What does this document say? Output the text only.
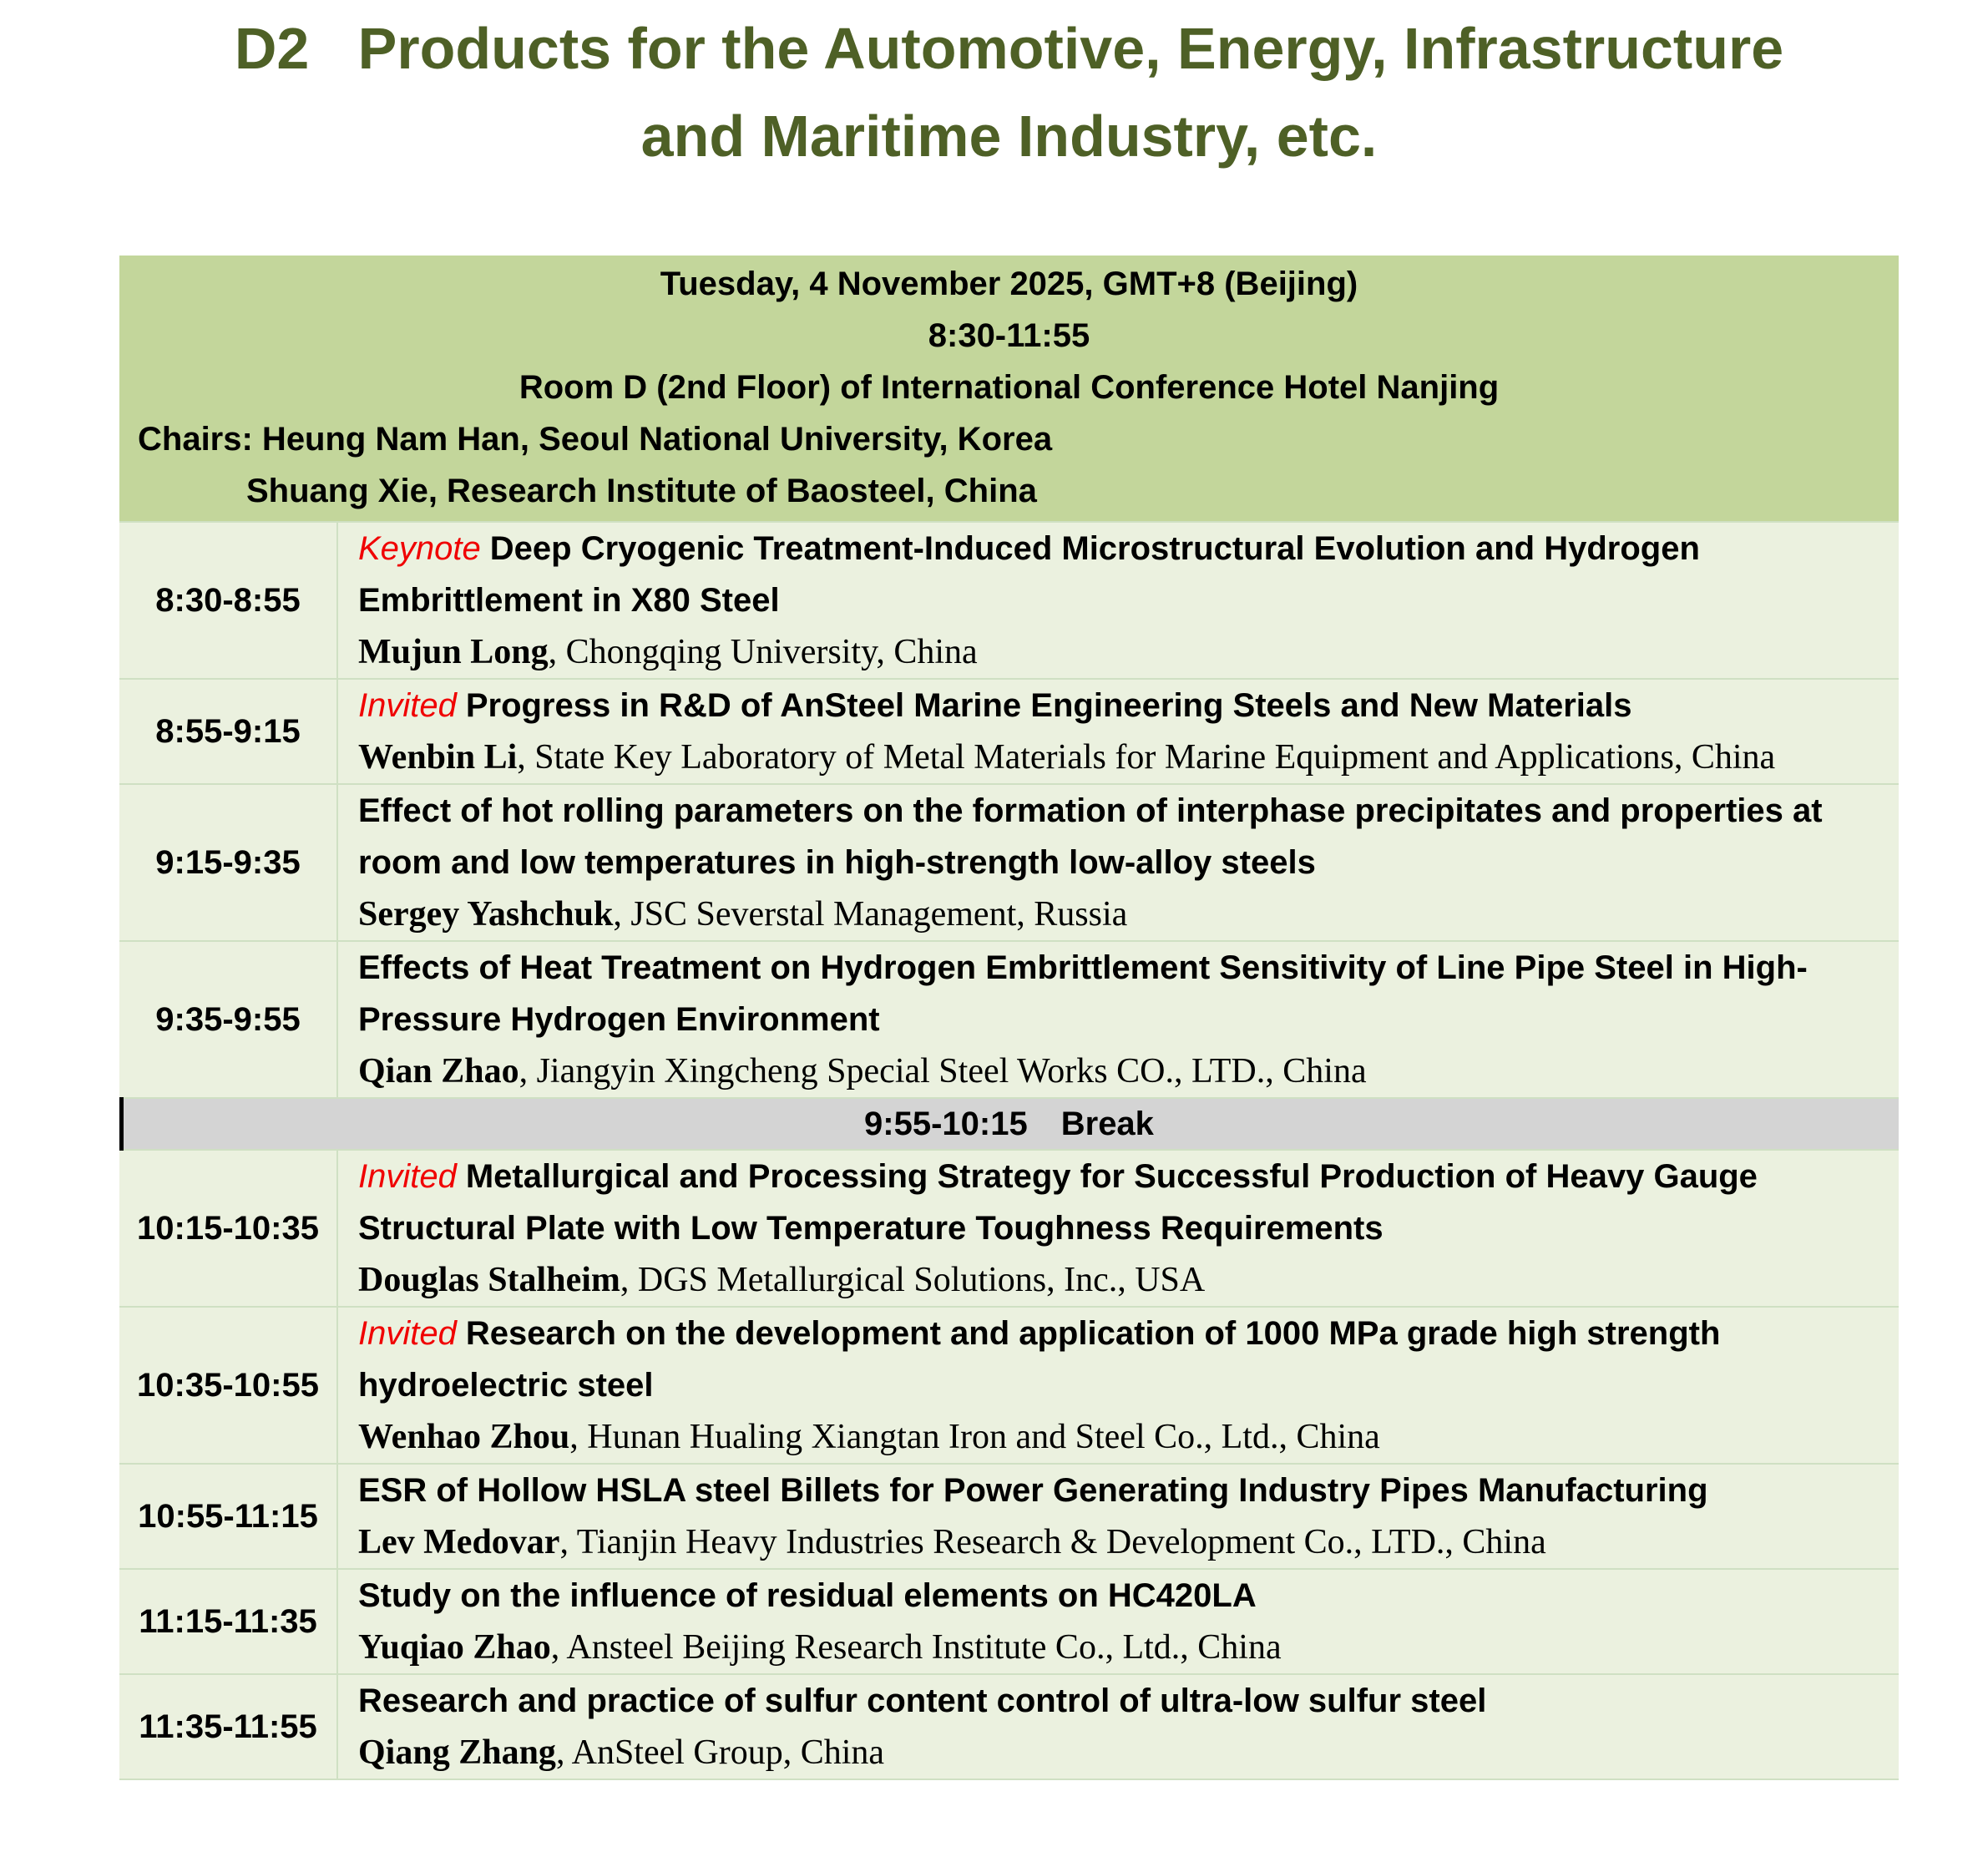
D2   Products for the Automotive, Energy, Infrastructure
and Maritime Industry, etc.
Tuesday, 4 November 2025, GMT+8 (Beijing)
8:30-11:55
Room D (2nd Floor) of International Conference Hotel Nanjing
Chairs: Heung Nam Han, Seoul National University, Korea
Shuang Xie, Research Institute of Baosteel, China
8:30-8:55
Keynote Deep Cryogenic Treatment-Induced Microstructural Evolution and Hydrogen Embrittlement in X80 Steel
Mujun Long, Chongqing University, China
8:55-9:15
Invited Progress in R&D of AnSteel Marine Engineering Steels and New Materials
Wenbin Li, State Key Laboratory of Metal Materials for Marine Equipment and Applications, China
9:15-9:35
Effect of hot rolling parameters on the formation of interphase precipitates and properties at room and low temperatures in high-strength low-alloy steels
Sergey Yashchuk, JSC Severstal Management, Russia
9:35-9:55
Effects of Heat Treatment on Hydrogen Embrittlement Sensitivity of Line Pipe Steel in High-Pressure Hydrogen Environment
Qian Zhao, Jiangyin Xingcheng Special Steel Works CO., LTD., China
9:55-10:15 Break
10:15-10:35
Invited Metallurgical and Processing Strategy for Successful Production of Heavy Gauge Structural Plate with Low Temperature Toughness Requirements
Douglas Stalheim, DGS Metallurgical Solutions, Inc., USA
10:35-10:55
Invited Research on the development and application of 1000 MPa grade high strength hydroelectric steel
Wenhao Zhou, Hunan Hualing Xiangtan Iron and Steel Co., Ltd., China
10:55-11:15
ESR of Hollow HSLA steel Billets for Power Generating Industry Pipes Manufacturing
Lev Medovar, Tianjin Heavy Industries Research & Development Co., LTD., China
11:15-11:35
Study on the influence of residual elements on HC420LA
Yuqiao Zhao, Ansteel Beijing Research Institute Co., Ltd., China
11:35-11:55
Research and practice of sulfur content control of ultra-low sulfur steel
Qiang Zhang, AnSteel Group, China
